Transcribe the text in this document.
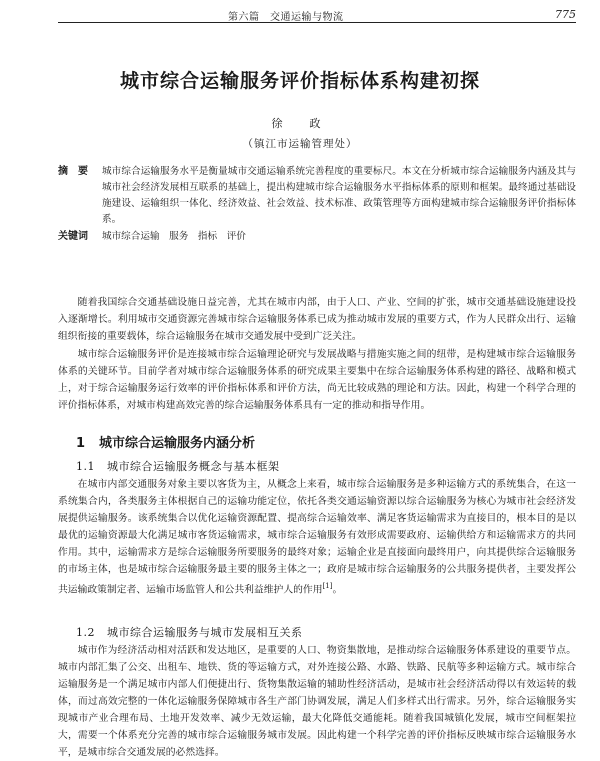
第六篇　交通运输与物流	775
城市综合运输服务评价指标体系构建初探
徐　政
（镇江市运输管理处）
摘　要	城市综合运输服务水平是衡量城市交通运输系统完善程度的重要标尺。本文在分析城市综合运输服务内涵及其与城市社会经济发展相互联系的基础上，提出构建城市综合运输服务水平指标体系的原则和框架。最终通过基础设施建设、运输组织一体化、经济效益、社会效益、技术标准、政策管理等方面构建城市综合运输服务评价指标体系。
关键词	城市综合运输　服务　指标　评价

随着我国综合交通基础设施日益完善，尤其在城市内部，由于人口、产业、空间的扩张，城市交通基础设施建设投入逐渐增长。利用城市交通资源完善城市综合运输服务体系已成为推动城市发展的重要方式，作为人民群众出行、运输组织衔接的重要载体，综合运输服务在城市交通发展中受到广泛关注。

城市综合运输服务评价是连接城市综合运输理论研究与发展战略与措施实施之间的纽带，是构建城市综合运输服务体系的关键环节。目前学者对城市综合运输服务体系的研究成果主要集中在综合运输服务体系构建的路径、战略和模式上，对于综合运输服务运行效率的评价指标体系和评价方法，尚无比较成熟的理论和方法。因此，构建一个科学合理的评价指标体系，对城市构建高效完善的综合运输服务体系具有一定的推动和指导作用。

1 城市综合运输服务内涵分析
1.1 城市综合运输服务概念与基本框架

在城市内部交通服务对象主要以客货为主，从概念上来看，城市综合运输服务是多种运输方式的系统集合，在这一系统集合内，各类服务主体根据自己的运输功能定位，依托各类交通运输资源以综合运输服务为核心为城市社会经济发展提供运输服务。该系统集合以优化运输资源配置、提高综合运输效率、满足客货运输需求为直接目的，根本目的是以最优的运输资源最大化满足城市客货运输需求，城市综合运输服务有效形成需要政府、运输供给方和运输需求方的共同作用。其中，运输需求方是综合运输服务所要服务的最终对象；运输企业是直接面向最终用户，向其提供综合运输服务的市场主体，也是城市综合运输服务最主要的服务主体之一；政府是城市综合运输服务的公共服务提供者，主要发挥公共运输政策制定者、运输市场监管人和公共利益维护人的作用[1]。

1.2 城市综合运输服务与城市发展相互关系

城市作为经济活动相对活跃和发达地区，是重要的人口、物资集散地，是推动综合运输服务体系建设的重要节点。城市内部汇集了公交、出租车、地铁、货的等运输方式，对外连接公路、水路、铁路、民航等多种运输方式。城市综合运输服务是一个满足城市内部人们便捷出行、货物集散运输的辅助性经济活动，是城市社会经济活动得以有效运转的载体，而过高效完整的一体化运输服务保障城市各生产部门协调发展，满足人们多样式出行需求。另外，综合运输服务实现城市产业合理布局、土地开发效率、减少无效运输，最大化降低交通能耗。随着我国城镇化发展，城市空间框架拉大，需要一个体系充分完善的城市综合运输服务城市发展。因此构建一个科学完善的评价指标反映城市综合运输服务水平，是城市综合交通发展的必然选择。
